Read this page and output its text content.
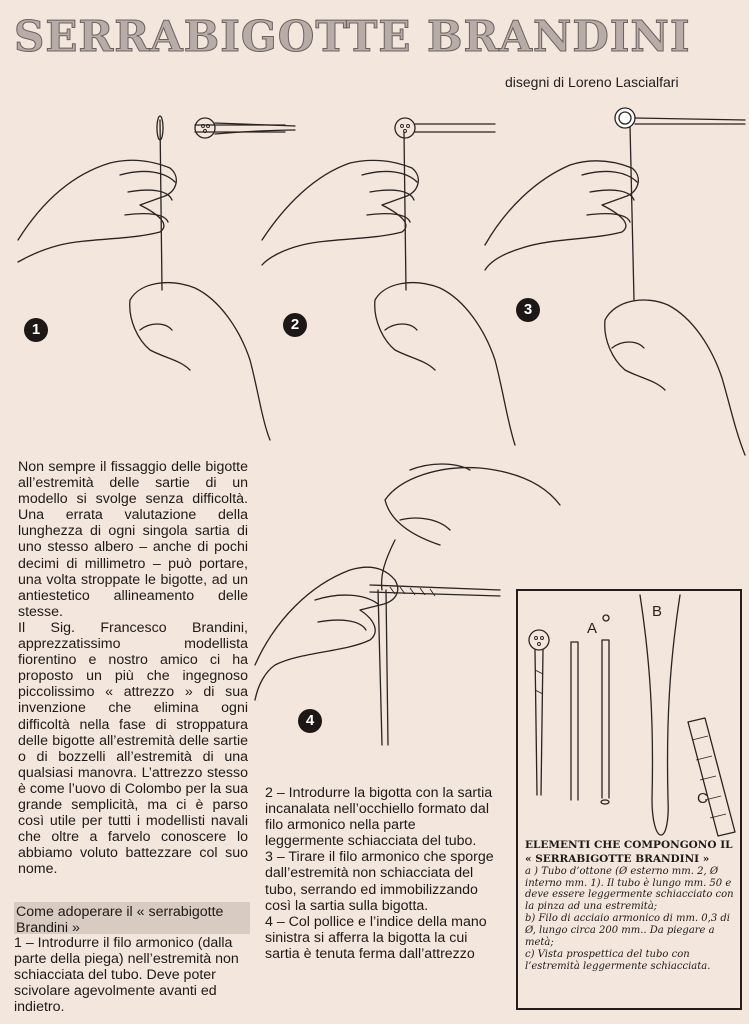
SERRABIGOTTE BRANDINI
disegni di Loreno Lascialfari
1	2
3
4

Non sempre il fissaggio delle bigotte all’estremità delle sartie di un modello si svolge senza difficoltà. Una errata valutazione della lunghezza di ogni singola sartia di uno stesso albero – anche di pochi decimi di millimetro – può portare, una volta stroppate le bigotte, ad un antiestetico allineamento delle stesse.

Il Sig. Francesco Brandini, apprezzatissimo modellista fiorentino e nostro amico ci ha proposto un più che ingegnoso piccolissimo « attrezzo » di sua invenzione che elimina ogni difficoltà nella fase di stroppatura delle bigotte all’estremità delle sartie o di bozzelli all’estremità di una qualsiasi manovra. L’attrezzo stesso è come l’uovo di Colombo per la sua grande semplicità, ma ci è parso così utile per tutti i modellisti navali che oltre a farvelo conoscere lo abbiamo voluto battezzare col suo nome.

Come adoperare il « serrabigotte Brandini »
1 – Introdurre il filo armonico (dalla parte della piega) nell’estremità non schiacciata del tubo. Deve poter scivolare agevolmente avanti ed indietro.

2 – Introdurre la bigotta con la sartia incanalata nell’occhiello formato dal filo armonico nella parte leggermente schiacciata del tubo.

3 – Tirare il filo armonico che sporge dall’estremità non schiacciata del tubo, serrando ed immobilizzando così la sartia sulla bigotta.

4 – Col pollice e l’indice della mano sinistra si afferra la bigotta la cui sartia è tenuta ferma dall’attrezzo

A
B
C
ELEMENTI CHE COMPONGONO IL « SERRABIGOTTE BRANDINI »
a ) Tubo d’ottone (Ø esterno mm. 2, Ø interno mm. 1). Il tubo è lungo mm. 50 e deve essere leggermente schiacciato con la pinza ad una estremità;
b) Filo di acciaio armonico di mm. 0,3 di Ø, lungo circa 200 mm.. Da piegare a metà;
c) Vista prospettica del tubo con l’estremità leggermente schiacciata.
